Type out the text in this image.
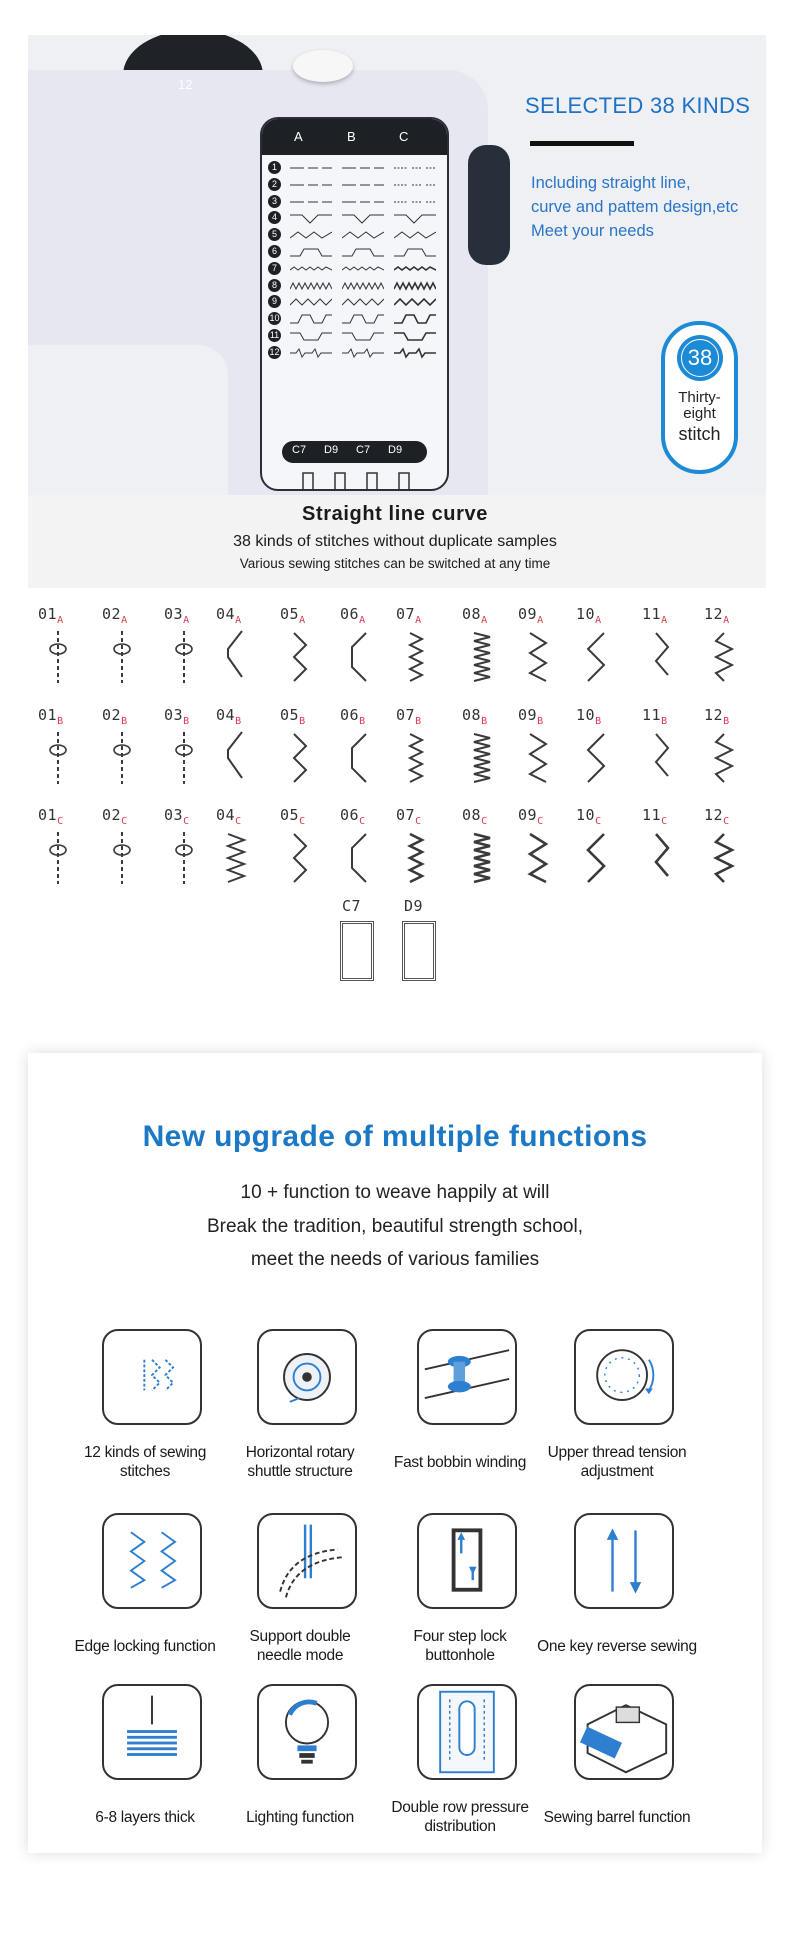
12
A	B	C
1
2
3
4
5
6
7
8
9
10
11
12
C7 D9 C7 D9
SELECTED 38 KINDS
Including straight line,
curve and pattem design,etc
Meet your needs
38
Thirty-
eight
stitch
Straight line curve
38 kinds of stitches without duplicate samples
Various sewing stitches can be switched at any time
$01_A$	$02_A$ $03_A$ $04_A$	$05_A$ $06_A$ $07_A$	$08_A$ $09_A$ $10_A$	$11_A$ $12_A$
$01_B$	$02_B$ $03_B$ $04_B$	$05_B$ $06_B$ $07_B$	$08_B$ $09_B$ $10_B$	$11_B$ $12_B$
$01_C$	$02_C$ $03_C$ $04_C$	$05_C$ $06_C$ $07_C$	$08_C$ $09_C$ $10_C$	$11_C$ $12_C$
C7	D9
New upgrade of multiple functions
10 + function to weave happily at will
Break the tradition, beautiful strength school,
meet the needs of various families
12 kinds of sewing
stitches
Horizontal rotary
shuttle structure
Fast bobbin winding
Upper thread tension
adjustment
Edge locking function
Support double
needle mode
Four step lock
buttonhole
One key reverse sewing
6-8 layers thick	Lighting function
Double row pressure
distribution
Sewing barrel function
